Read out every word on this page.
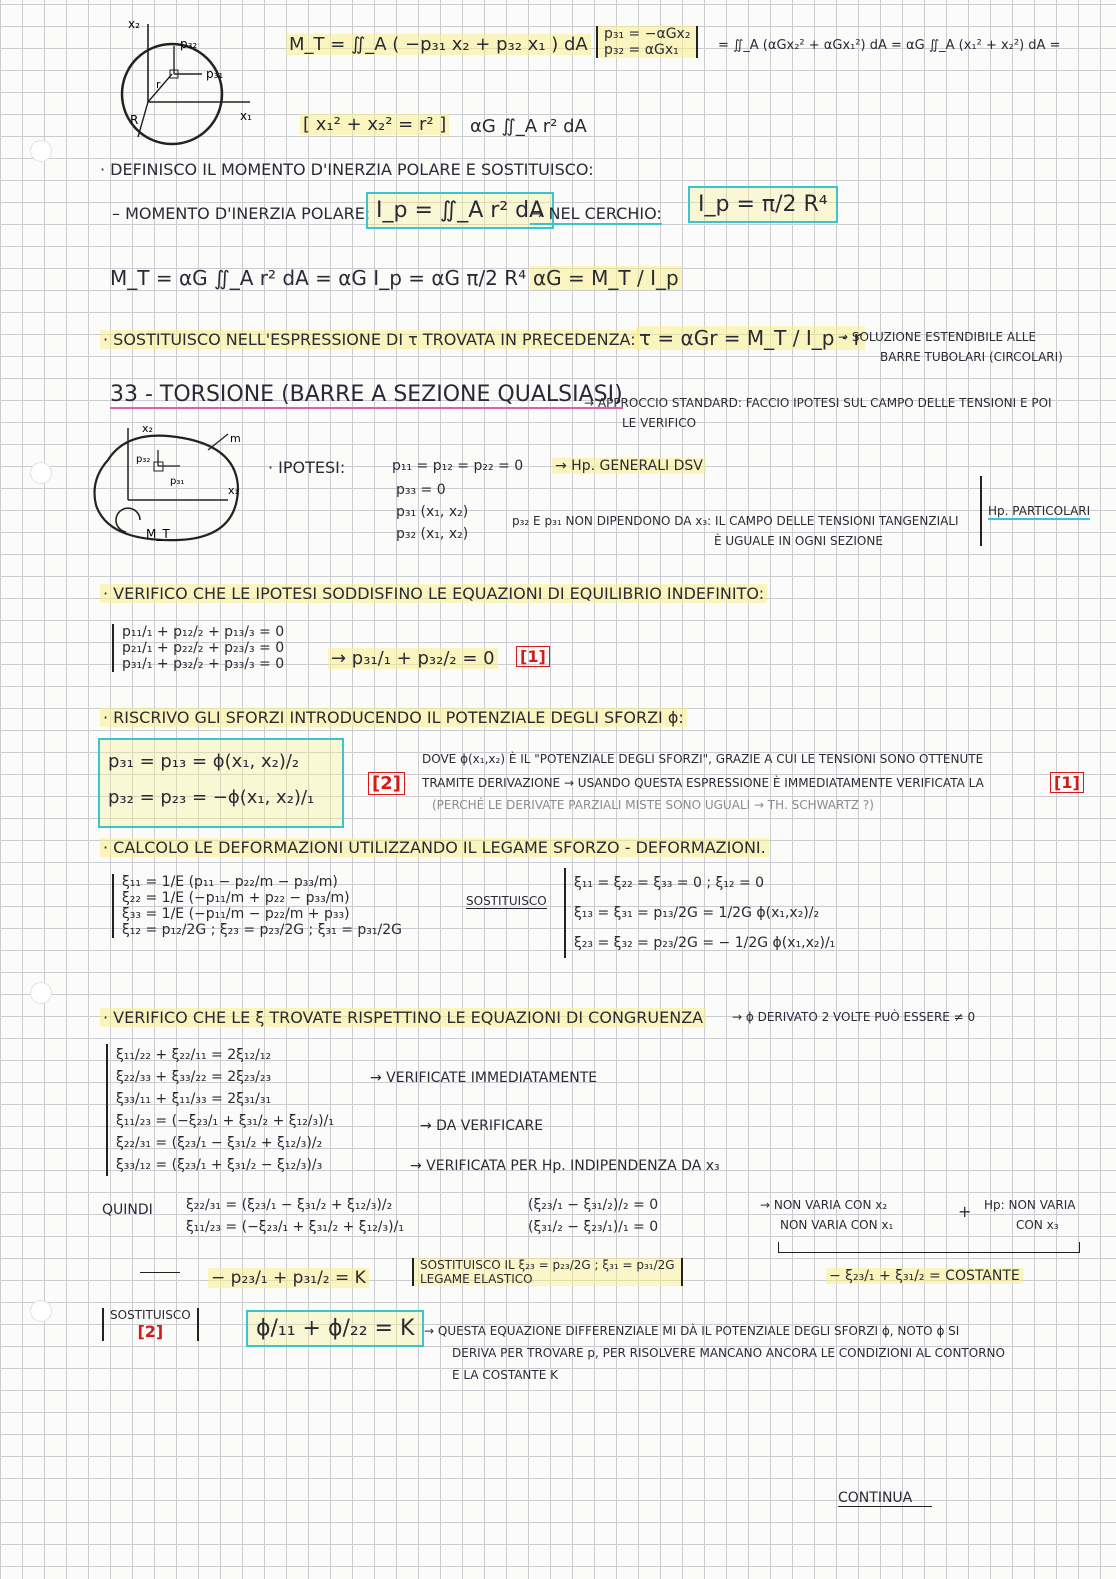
x₂
x₁
p₃₂
p₃₁
r
R
M_T = ∬_A ( −p₃₁ x₂ + p₃₂ x₁ ) dA p₃₁ = −αGx₂
p₃₂ = αGx₁	= ∬_A (αGx₂² + αGx₁²) dA = αG ∬_A (x₁² + x₂²) dA =
[ x₁² + x₂² = r² ] αG ∬_A r² dA
· DEFINISCO IL MOMENTO D'INERZIA POLARE E SOSTITUISCO:
– MOMENTO D'INERZIA POLARE: I_p = ∬_A r² dA
→ NEL CERCHIO:	I_p = π/2 R⁴
M_T = αG ∬_A r² dA = αG I_p = αG π/2 R⁴ αG = M_T / I_p
· SOSTITUISCO NELL'ESPRESSIONE DI τ TROVATA IN PRECEDENZA: τ = αGr = M_T / I_p · r
→ SOLUZIONE ESTENDIBILE ALLE
BARRE TUBOLARI (CIRCOLARI)
33 - TORSIONE (BARRE A SEZIONE QUALSIASI)
→ APPROCCIO STANDARD: FACCIO IPOTESI SUL CAMPO DELLE TENSIONI E POI
LE VERIFICO
x₂
x₁
m
p₃₂
p₃₁
M_T
· IPOTESI:	p₁₁ = p₁₂ = p₂₂ = 0 → Hp. GENERALI DSV
p₃₃ = 0
p₃₁ (x₁, x₂)
p₃₂ (x₁, x₂)
p₃₂ E p₃₁ NON DIPENDONO DA x₃: IL CAMPO DELLE TENSIONI TANGENZIALI
È UGUALE IN OGNI SEZIONE
Hp. PARTICOLARI
· VERIFICO CHE LE IPOTESI SODDISFINO LE EQUAZIONI DI EQUILIBRIO INDEFINITO:
p₁₁/₁ + p₁₂/₂ + p₁₃/₃ = 0
p₂₁/₁ + p₂₂/₂ + p₂₃/₃ = 0
p₃₁/₁ + p₃₂/₂ + p₃₃/₃ = 0	→ p₃₁/₁ + p₃₂/₂ = 0 [1]
· RISCRIVO GLI SFORZI INTRODUCENDO IL POTENZIALE DEGLI SFORZI ϕ:
p₃₁ = p₁₃ = ϕ(x₁, x₂)/₂
p₃₂ = p₂₃ = −ϕ(x₁, x₂)/₁
[2]
DOVE ϕ(x₁,x₂) È IL "POTENZIALE DEGLI SFORZI", GRAZIE A CUI LE TENSIONI SONO OTTENUTE
TRAMITE DERIVAZIONE → USANDO QUESTA ESPRESSIONE È IMMEDIATAMENTE VERIFICATA LA	[1]
(PERCHÉ LE DERIVATE PARZIALI MISTE SONO UGUALI → TH. SCHWARTZ ?)
· CALCOLO LE DEFORMAZIONI UTILIZZANDO IL LEGAME SFORZO - DEFORMAZIONI.
ξ₁₁ = 1/E (p₁₁ − p₂₂/m − p₃₃/m)
ξ₂₂ = 1/E (−p₁₁/m + p₂₂ − p₃₃/m)
ξ₃₃ = 1/E (−p₁₁/m − p₂₂/m + p₃₃)
ξ₁₂ = p₁₂/2G ; ξ₂₃ = p₂₃/2G ; ξ₃₁ = p₃₁/2G
SOSTITUISCO
ξ₁₁ = ξ₂₂ = ξ₃₃ = 0 ; ξ₁₂ = 0
ξ₁₃ = ξ₃₁ = p₁₃/2G = 1/2G ϕ(x₁,x₂)/₂
ξ₂₃ = ξ₃₂ = p₂₃/2G = − 1/2G ϕ(x₁,x₂)/₁
· VERIFICO CHE LE ξ TROVATE RISPETTINO LE EQUAZIONI DI CONGRUENZA → ϕ DERIVATO 2 VOLTE PUÒ ESSERE ≠ 0
ξ₁₁/₂₂ + ξ₂₂/₁₁ = 2ξ₁₂/₁₂
ξ₂₂/₃₃ + ξ₃₃/₂₂ = 2ξ₂₃/₂₃
ξ₃₃/₁₁ + ξ₁₁/₃₃ = 2ξ₃₁/₃₁
ξ₁₁/₂₃ = (−ξ₂₃/₁ + ξ₃₁/₂ + ξ₁₂/₃)/₁
ξ₂₂/₃₁ = (ξ₂₃/₁ − ξ₃₁/₂ + ξ₁₂/₃)/₂
ξ₃₃/₁₂ = (ξ₂₃/₁ + ξ₃₁/₂ − ξ₁₂/₃)/₃
→ VERIFICATE IMMEDIATAMENTE
→ DA VERIFICARE
→ VERIFICATA PER Hp. INDIPENDENZA DA x₃
QUINDI ξ₂₂/₃₁ = (ξ₂₃/₁ − ξ₃₁/₂ + ξ₁₂/₃)/₂
ξ₁₁/₂₃ = (−ξ₂₃/₁ + ξ₃₁/₂ + ξ₁₂/₃)/₁
(ξ₂₃/₁ − ξ₃₁/₂)/₂ = 0
(ξ₃₁/₂ − ξ₂₃/₁)/₁ = 0
→ NON VARIA CON x₂
NON VARIA CON x₁
+ Hp: NON VARIA
CON x₃
− ξ₂₃/₁ + ξ₃₁/₂ = COSTANTE
− p₂₃/₁ + p₃₁/₂ = K
SOSTITUISCO IL ξ₂₃ = p₂₃/2G ; ξ₃₁ = p₃₁/2G
LEGAME ELASTICO
SOSTITUISCO
[2]	ϕ/₁₁ + ϕ/₂₂ = K → QUESTA EQUAZIONE DIFFERENZIALE MI DÀ IL POTENZIALE DEGLI SFORZI ϕ, NOTO ϕ SI
DERIVA PER TROVARE p, PER RISOLVERE MANCANO ANCORA LE CONDIZIONI AL CONTORNO
E LA COSTANTE K
CONTINUA
